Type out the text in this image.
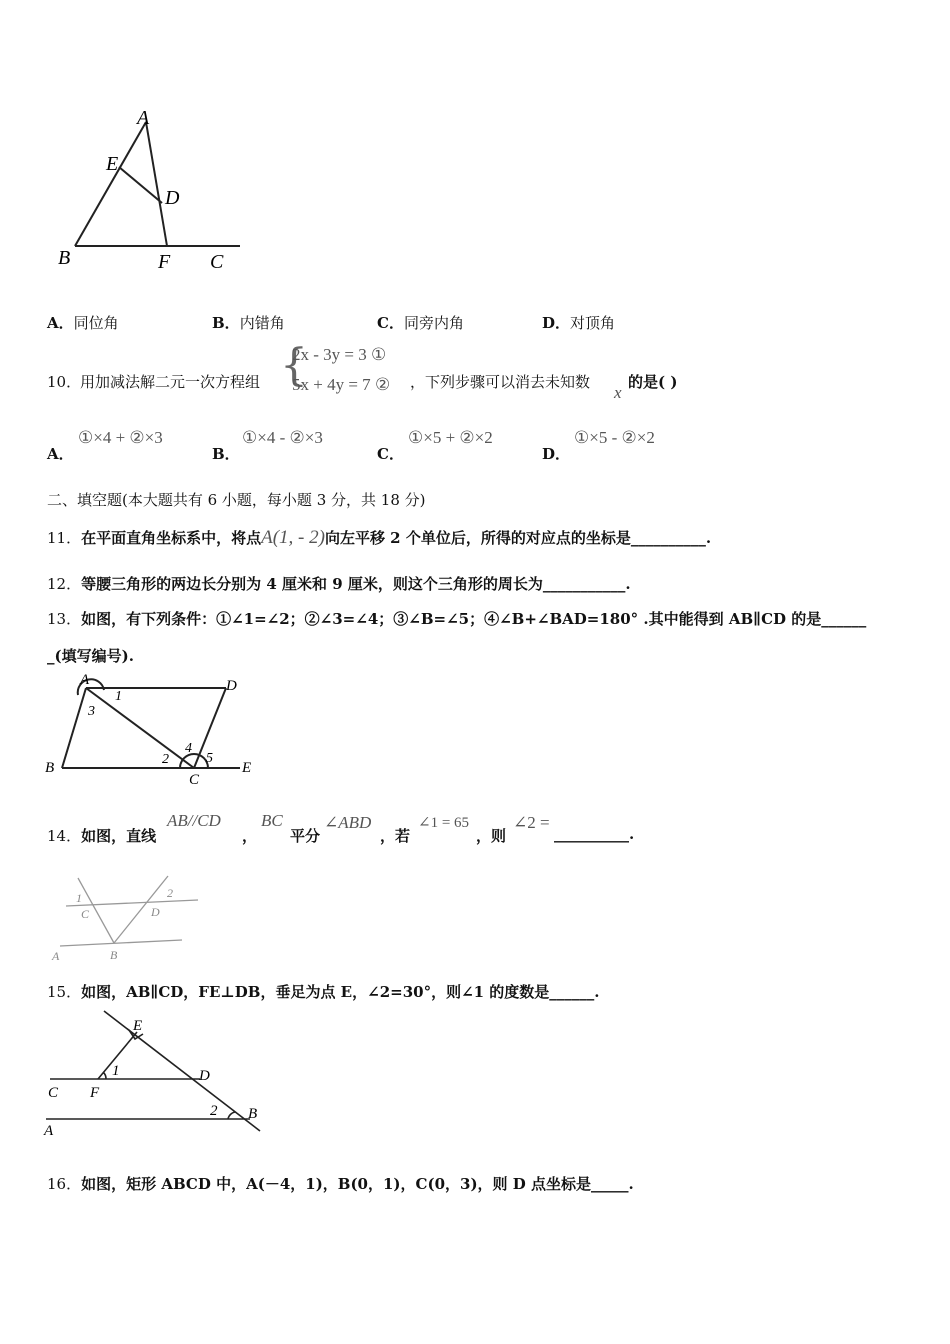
A
E
D
B	F C
A．同位角	B．内错角	C．同旁内角	D．对顶角
10．
用加减法解二元一次方程组 {
2x - 3y = 3 ①
5x + 4y = 7 ② ，下列步骤可以消去未知数
x
的是( )
A．
①×4 + ②×3
B．
①×4 - ②×3
C．
①×5 + ②×2
D．
①×5 - ②×2
二、填空题(本大题共有 6 小题，每小题 3 分，共 18 分)
11．在平面直角坐标系中，将点A(1, - 2)向左平移 2 个单位后，所得的对应点的坐标是__________.
12．等腰三角形的两边长分别为 4 厘米和 9 厘米，则这个三角形的周长为___________.
13．如图，有下列条件：①∠1=∠2；②∠3=∠4；③∠B=∠5；④∠B+∠BAD=180° .其中能得到 AB∥CD 的是______
_(填写编号).
A
1
3
D
B
2
4
5
C
E
14．如图，直线
AB//CD
，
BC
平分
∠ABD
，若
∠1 = 65
，则
∠2 =
__________.
1
C
2
D
A	B
15．如图，AB∥CD，FE⊥DB，垂足为点 E，∠2=30°，则∠1 的度数是______.
E
1
C F
D
2 B
A
16．如图，矩形 ABCD 中，A(－4，1)，B(0，1)，C(0，3)，则 D 点坐标是_____.
